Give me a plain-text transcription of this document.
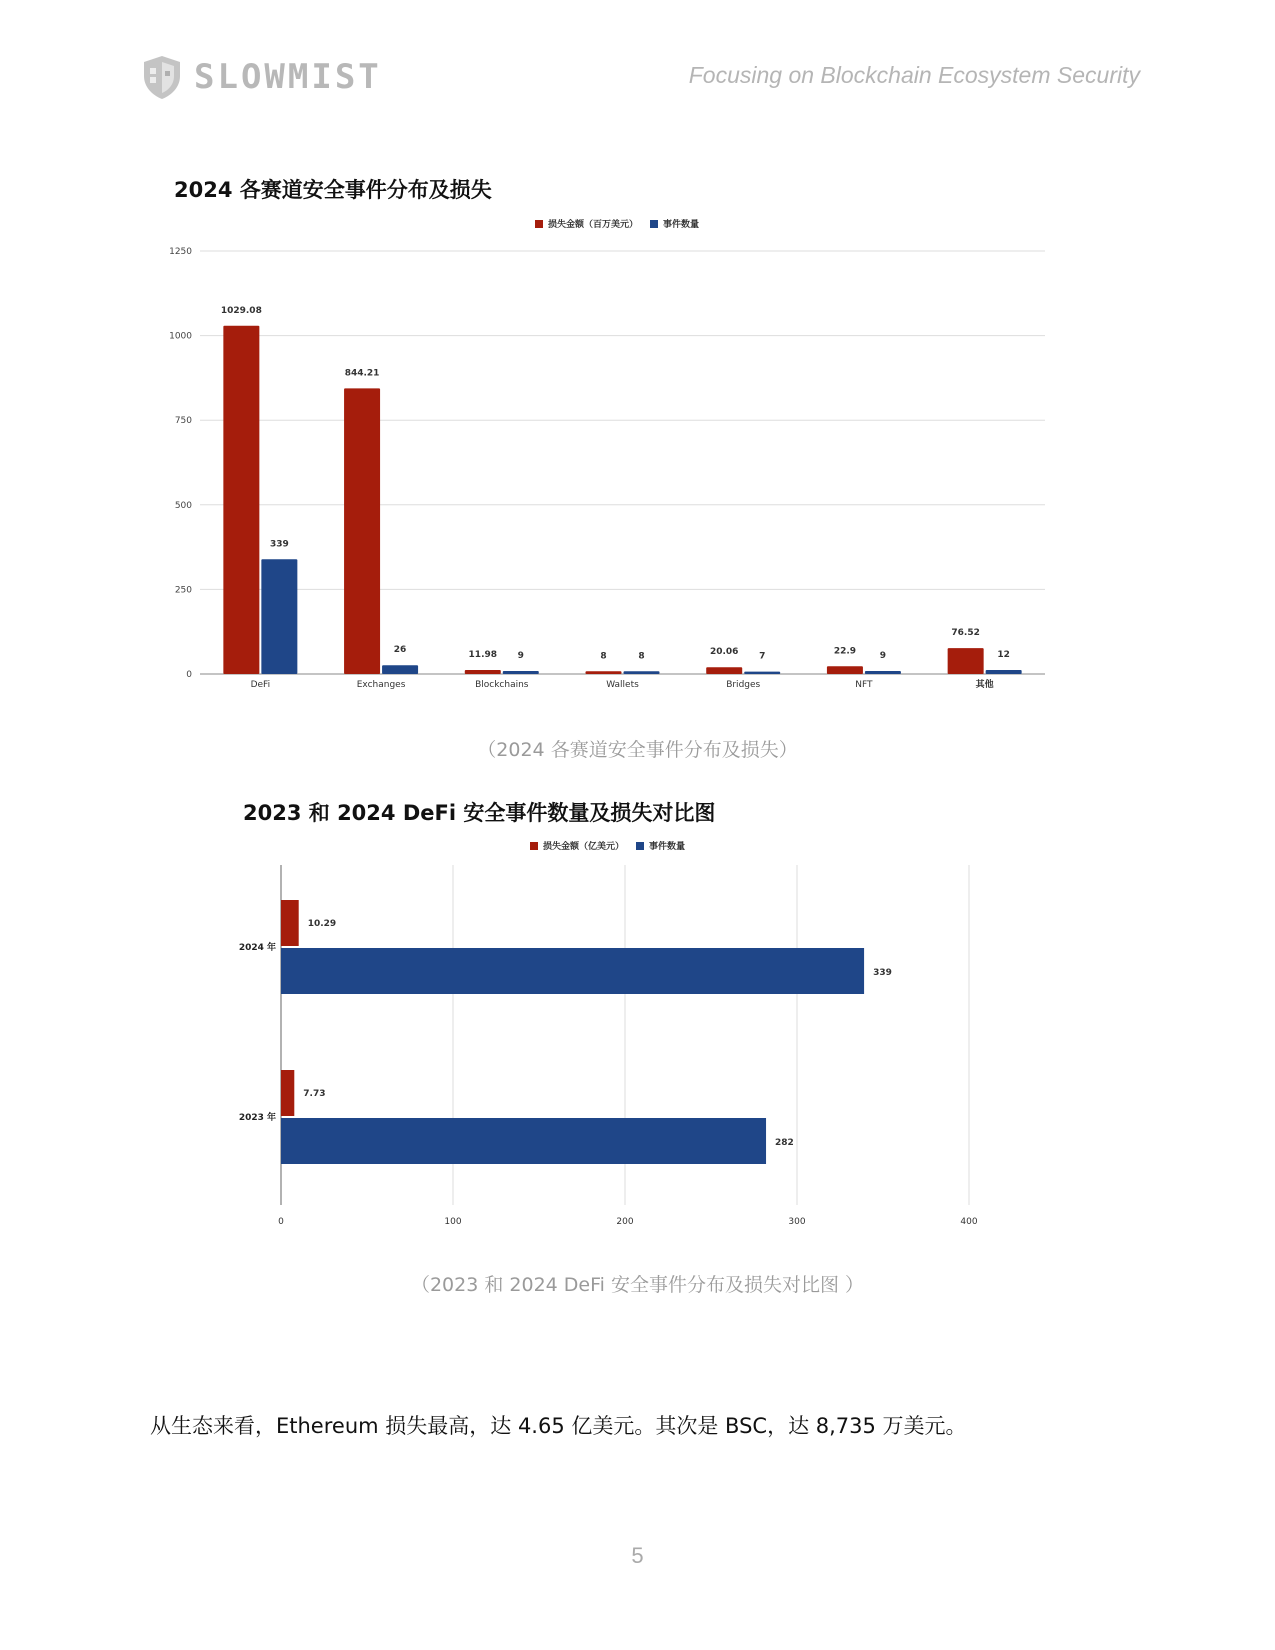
SLOWMIST	Focusing on Blockchain Ecosystem Security
2024 各赛道安全事件分布及损失
损失金额（百万美元）	事件数量
0
250
500
750
1000
1250
1029.08
339
DeFi
844.21
26
Exchanges
11.98 9
Blockchains
8	8
Wallets
20.06 7
Bridges
22.9	9
NFT
76.52
12
其他
（2024 各赛道安全事件分布及损失）
2023 和 2024 DeFi 安全事件数量及损失对比图
损失金额（亿美元）	事件数量
0	100	200	300	400
10.29
339
2024 年
7.73
282
2023 年
（2023 和 2024 DeFi 安全事件分布及损失对比图 ）
从生态来看，Ethereum 损失最高，达 4.65 亿美元。其次是 BSC，达 8,735 万美元。
5
